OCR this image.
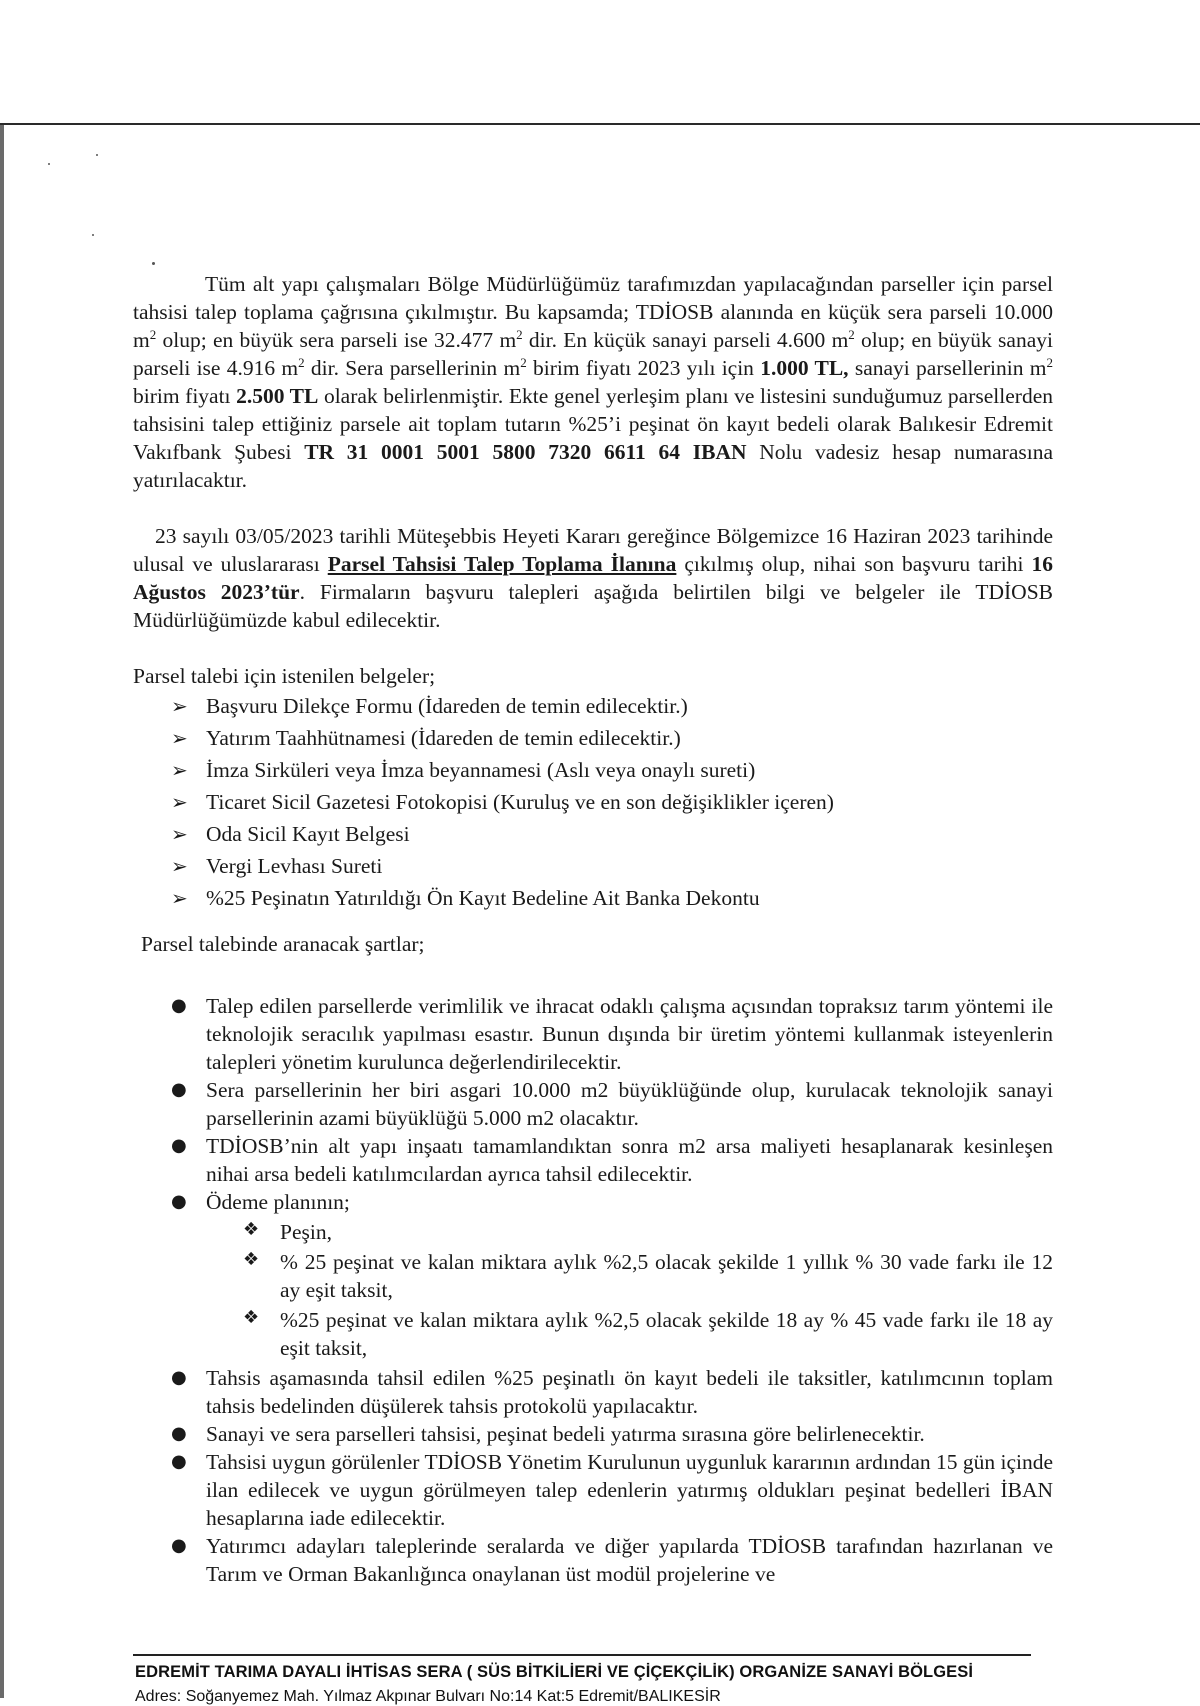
Tüm alt yapı çalışmaları Bölge Müdürlüğümüz tarafımızdan yapılacağından parseller için parsel tahsisi talep toplama çağrısına çıkılmıştır. Bu kapsamda; TDİOSB alanında en küçük sera parseli 10.000 $m^2$ olup; en büyük sera parseli ise 32.477 $m^2$ dir. En küçük sanayi parseli 4.600 $m^2$ olup; en büyük sanayi parseli ise 4.916 $m^2$ dir. Sera parsellerinin $m^2$ birim fiyatı 2023 yılı için 1.000 TL, sanayi parsellerinin $m^2$ birim fiyatı 2.500 TL olarak belirlenmiştir. Ekte genel yerleşim planı ve listesini sunduğumuz parsellerden tahsisini talep ettiğiniz parsele ait toplam tutarın %25’i peşinat ön kayıt bedeli olarak Balıkesir Edremit Vakıfbank Şubesi TR 31 0001 5001 5800 7320 6611 64 IBAN Nolu vadesiz hesap numarasına yatırılacaktır.

23 sayılı 03/05/2023 tarihli Müteşebbis Heyeti Kararı gereğince Bölgemizce 16 Haziran 2023 tarihinde ulusal ve uluslararası Parsel Tahsisi Talep Toplama İlanına çıkılmış olup, nihai son başvuru tarihi 16 Ağustos 2023’tür. Firmaların başvuru talepleri aşağıda belirtilen bilgi ve belgeler ile TDİOSB Müdürlüğümüzde kabul edilecektir.

Parsel talebi için istenilen belgeler;

➢ Başvuru Dilekçe Formu (İdareden de temin edilecektir.)
➢ Yatırım Taahhütnamesi (İdareden de temin edilecektir.)
➢ İmza Sirküleri veya İmza beyannamesi (Aslı veya onaylı sureti)
➢ Ticaret Sicil Gazetesi Fotokopisi (Kuruluş ve en son değişiklikler içeren)
➢ Oda Sicil Kayıt Belgesi
➢ Vergi Levhası Sureti
➢ %25 Peşinatın Yatırıldığı Ön Kayıt Bedeline Ait Banka Dekontu

Parsel talebinde aranacak şartlar;

● Talep edilen parsellerde verimlilik ve ihracat odaklı çalışma açısından topraksız tarım yöntemi ile teknolojik seracılık yapılması esastır. Bunun dışında bir üretim yöntemi kullanmak isteyenlerin talepleri yönetim kurulunca değerlendirilecektir.
● Sera parsellerinin her biri asgari 10.000 m2 büyüklüğünde olup, kurulacak teknolojik sanayi parsellerinin azami büyüklüğü 5.000 m2 olacaktır.
● TDİOSB’nin alt yapı inşaatı tamamlandıktan sonra m2 arsa maliyeti hesaplanarak kesinleşen nihai arsa bedeli katılımcılardan ayrıca tahsil edilecektir.
● Ödeme planının;
❖ Peşin,
❖ % 25 peşinat ve kalan miktara aylık %2,5 olacak şekilde 1 yıllık % 30 vade farkı ile 12 ay eşit taksit,
❖ %25 peşinat ve kalan miktara aylık %2,5 olacak şekilde 18 ay % 45 vade farkı ile 18 ay eşit taksit,
● Tahsis aşamasında tahsil edilen %25 peşinatlı ön kayıt bedeli ile taksitler, katılımcının toplam tahsis bedelinden düşülerek tahsis protokolü yapılacaktır.
● Sanayi ve sera parselleri tahsisi, peşinat bedeli yatırma sırasına göre belirlenecektir.
● Tahsisi uygun görülenler TDİOSB Yönetim Kurulunun uygunluk kararının ardından 15 gün içinde ilan edilecek ve uygun görülmeyen talep edenlerin yatırmış oldukları peşinat bedelleri İBAN hesaplarına iade edilecektir.
● Yatırımcı adayları taleplerinde seralarda ve diğer yapılarda TDİOSB tarafından hazırlanan ve Tarım ve Orman Bakanlığınca onaylanan üst modül projelerine ve
EDREMİT TARIMA DAYALI İHTİSAS SERA ( SÜS BİTKİLİERİ VE ÇİÇEKÇİLİK) ORGANİZE SANAYİ BÖLGESİ
Adres: Soğanyemez Mah. Yılmaz Akpınar Bulvarı No:14 Kat:5 Edremit/BALIKESİR
